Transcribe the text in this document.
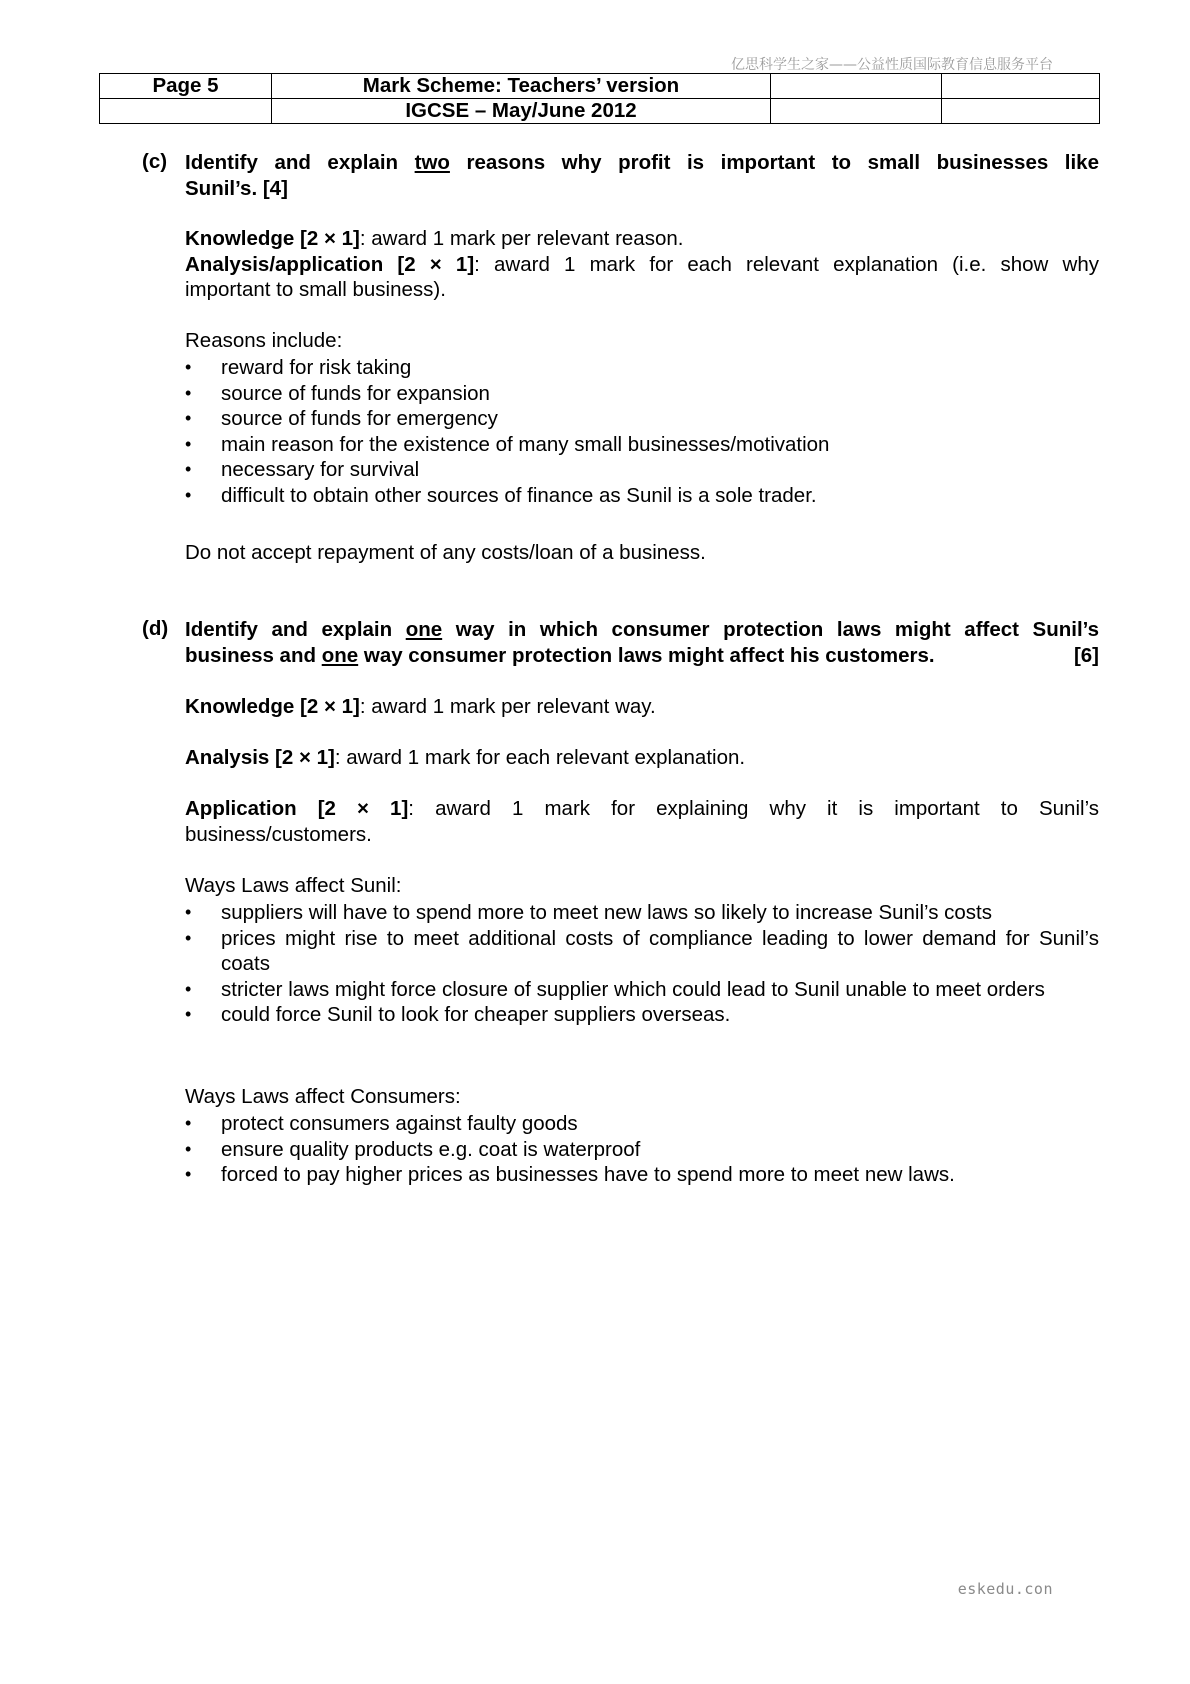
亿思科学生之家——公益性质国际教育信息服务平台
Page 5	Mark Scheme: Teachers’ version		
	IGCSE – May/June 2012		
(c) Identify and explain two reasons why profit is important to small businesses like
Sunil’s. [4]
Knowledge [2 × 1]: award 1 mark per relevant reason.
Analysis/application [2 × 1]: award 1 mark for each relevant explanation (i.e. show why
important to small business).
Reasons include:
• reward for risk taking
• source of funds for expansion
• source of funds for emergency
• main reason for the existence of many small businesses/motivation
• necessary for survival
• difficult to obtain other sources of finance as Sunil is a sole trader.
Do not accept repayment of any costs/loan of a business.
(d) Identify and explain one way in which consumer protection laws might affect Sunil’s
business and one way consumer protection laws might affect his customers.	[6]
Knowledge [2 × 1]: award 1 mark per relevant way.
Analysis [2 × 1]: award 1 mark for each relevant explanation.
Application [2 × 1]: award 1 mark for explaining why it is important to Sunil’s
business/customers.
Ways Laws affect Sunil:
• suppliers will have to spend more to meet new laws so likely to increase Sunil’s costs
• prices might rise to meet additional costs of compliance leading to lower demand for Sunil’s coats
• stricter laws might force closure of supplier which could lead to Sunil unable to meet orders
• could force Sunil to look for cheaper suppliers overseas.
Ways Laws affect Consumers:
• protect consumers against faulty goods
• ensure quality products e.g. coat is waterproof
• forced to pay higher prices as businesses have to spend more to meet new laws.
eskedu.con
